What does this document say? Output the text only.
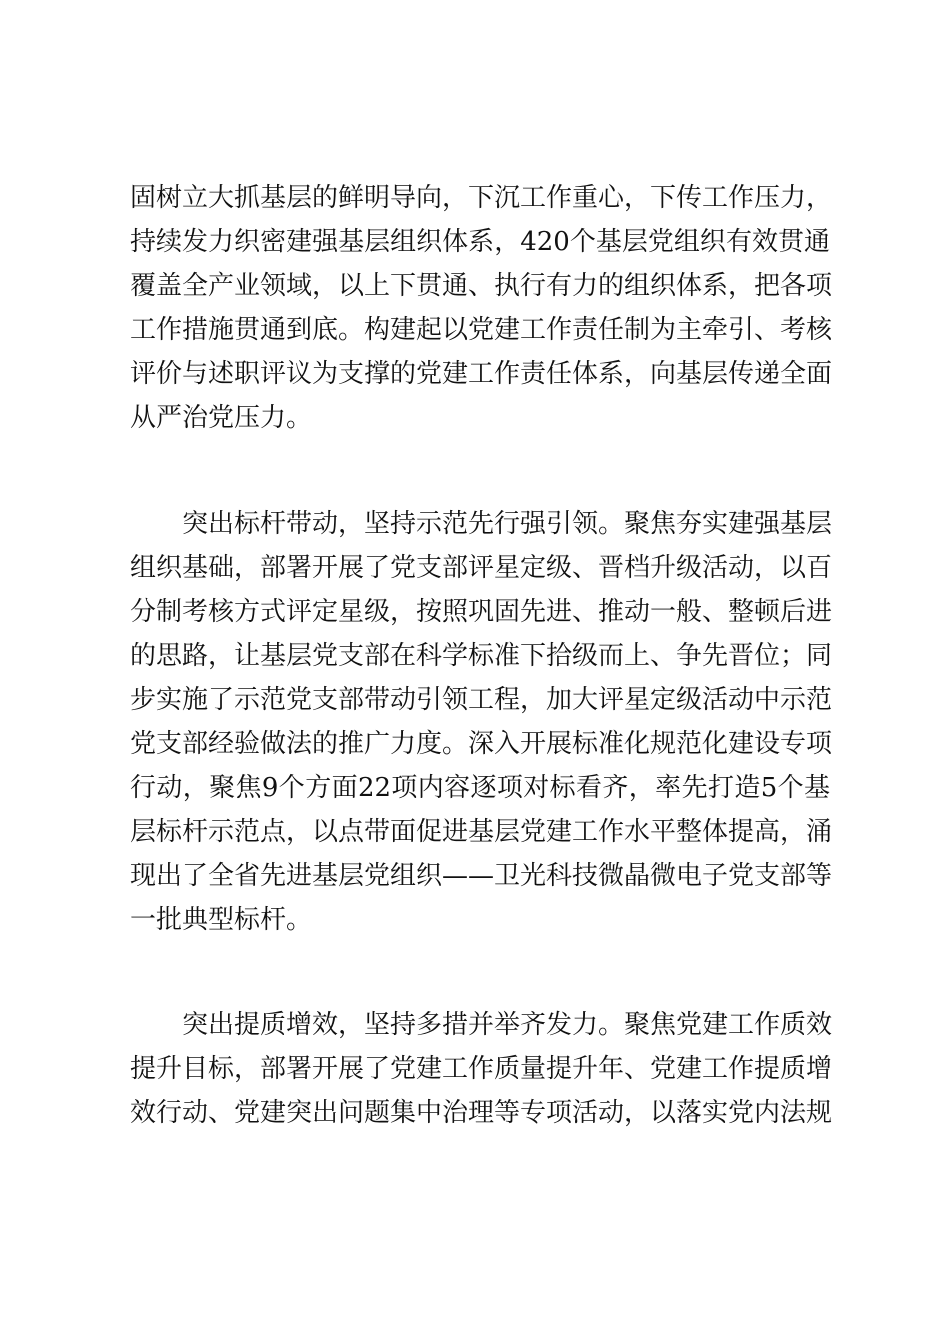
固树立大抓基层的鲜明导向，下沉工作重心，下传工作压力，
持续发力织密建强基层组织体系，420个基层党组织有效贯通
覆盖全产业领域，以上下贯通、执行有力的组织体系，把各项
工作措施贯通到底。构建起以党建工作责任制为主牵引、考核
评价与述职评议为支撑的党建工作责任体系，向基层传递全面
从严治党压力。
突出标杆带动，坚持示范先行强引领。聚焦夯实建强基层
组织基础，部署开展了党支部评星定级、晋档升级活动，以百
分制考核方式评定星级，按照巩固先进、推动一般、整顿后进
的思路，让基层党支部在科学标准下拾级而上、争先晋位；同
步实施了示范党支部带动引领工程，加大评星定级活动中示范
党支部经验做法的推广力度。深入开展标准化规范化建设专项
行动，聚焦9个方面22项内容逐项对标看齐，率先打造5个基
层标杆示范点，以点带面促进基层党建工作水平整体提高，涌
现出了全省先进基层党组织——卫光科技微晶微电子党支部等
一批典型标杆。
突出提质增效，坚持多措并举齐发力。聚焦党建工作质效
提升目标，部署开展了党建工作质量提升年、党建工作提质增
效行动、党建突出问题集中治理等专项活动，以落实党内法规
